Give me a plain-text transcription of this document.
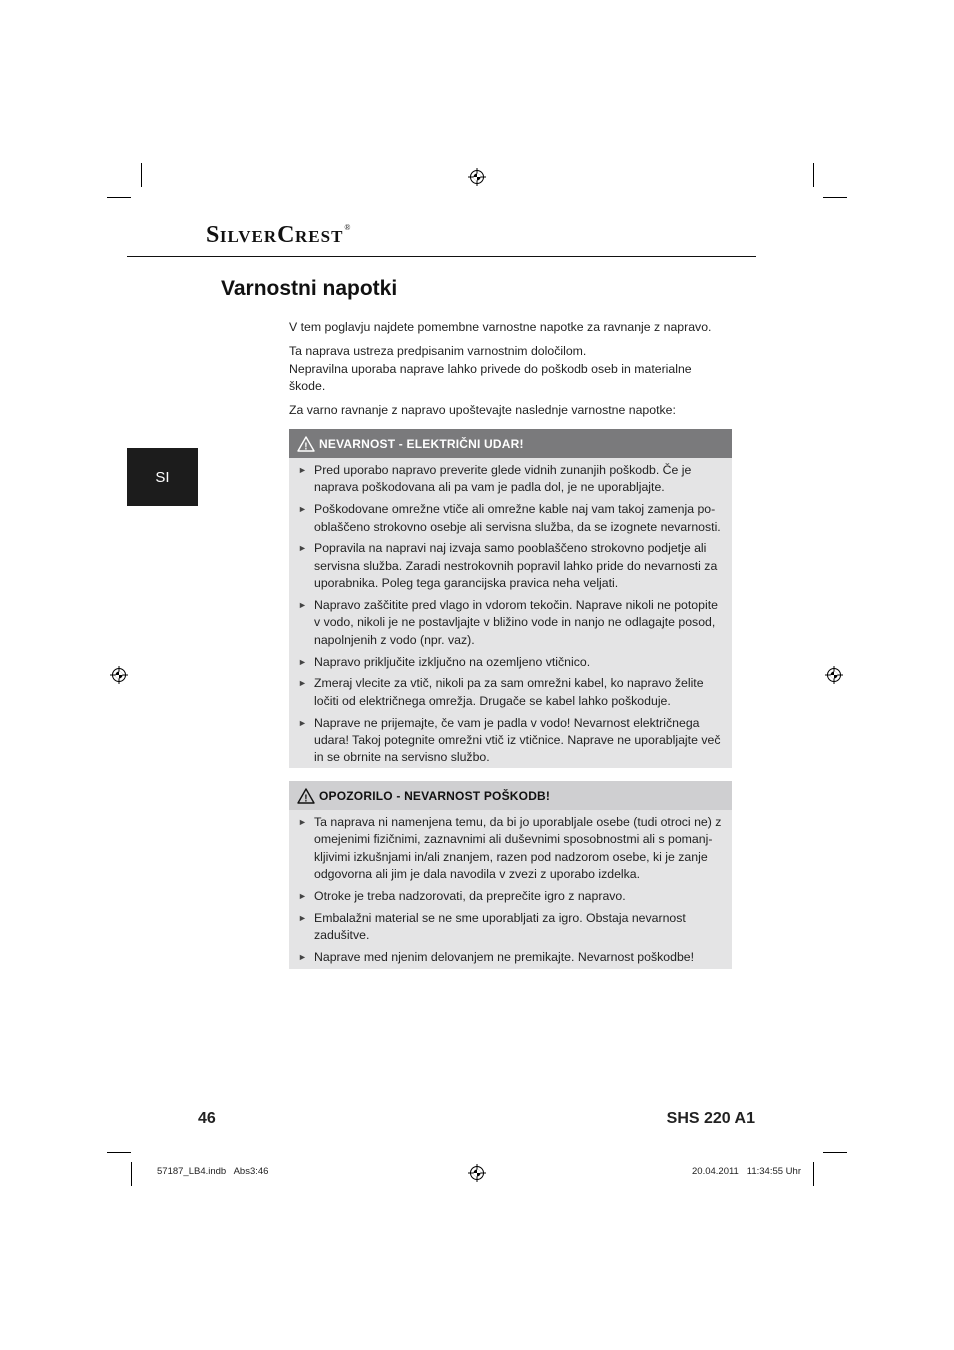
SILVERCREST®
Varnostni napotki
SI

V tem poglavju najdete pomembne varnostne napotke za ravnanje z napravo.

Ta naprava ustreza predpisanim varnostnim določilom.

Nepravilna uporaba naprave lahko privede do poškodb oseb in materialne škode.

Za varno ravnanje z napravo upoštevajte naslednje varnostne napotke:

! NEVARNOST - ELEKTRIČNI UDAR!
► Pred uporabo napravo preverite glede vidnih zunanjih poškodb. Če je naprava poškodovana ali pa vam je padla dol, je ne uporabljajte.
► Poškodovane omrežne vtiče ali omrežne kable naj vam takoj zamenja po-oblaščeno strokovno osebje ali servisna služba, da se izognete nevarnosti.
► Popravila na napravi naj izvaja samo pooblaščeno strokovno podjetje ali servisna služba. Zaradi nestrokovnih popravil lahko pride do nevarnosti za uporabnika. Poleg tega garancijska pravica neha veljati.
► Napravo zaščitite pred vlago in vdorom tekočin. Naprave nikoli ne potopite v vodo, nikoli je ne postavljajte v bližino vode in nanjo ne odlagajte posod, napolnjenih z vodo (npr. vaz).
► Napravo priključite izključno na ozemljeno vtičnico.
► Zmeraj vlecite za vtič, nikoli pa za sam omrežni kabel, ko napravo želite ločiti od električnega omrežja. Drugače se kabel lahko poškoduje.
► Naprave ne prijemajte, če vam je padla v vodo! Nevarnost električnega udara! Takoj potegnite omrežni vtič iz vtičnice. Naprave ne uporabljajte več in se obrnite na servisno službo.
! OPOZORILO - NEVARNOST POŠKODB!
► Ta naprava ni namenjena temu, da bi jo uporabljale osebe (tudi otroci ne) z omejenimi fizičnimi, zaznavnimi ali duševnimi sposobnostmi ali s pomanj-kljivimi izkušnjami in/ali znanjem, razen pod nadzorom osebe, ki je zanje odgovorna ali jim je dala navodila v zvezi z uporabo izdelka.
► Otroke je treba nadzorovati, da preprečite igro z napravo.
► Embalažni material se ne sme uporabljati za igro. Obstaja nevarnost zadušitve.
► Naprave med njenim delovanjem ne premikajte. Nevarnost poškodbe!
46	SHS 220 A1
57187_LB4.indb   Abs3:46	20.04.2011   11:34:55 Uhr
